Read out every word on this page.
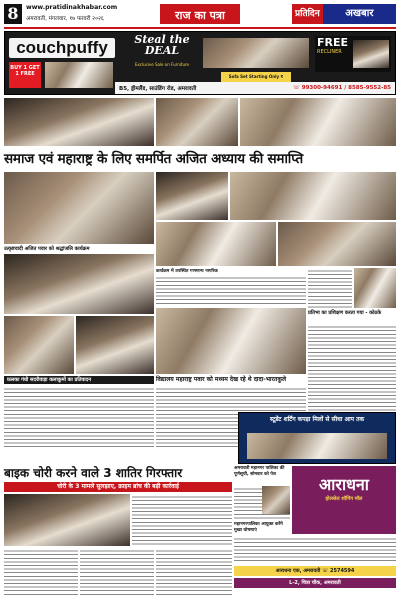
8	www.pratidinakhabar.com
अमरावती, मंगलवार, १७ फरवरी २०२६	राज का पत्रा	प्रतिदिन	अखबार
couchpuffy
BUY 1 GET 1 FREE
Steal the DEAL
Exclusive Sale on Furniture
Sofa Set Starting Only ₹
FREE
RECLINER
B5, ड्रीमलैंड, साउंडिंग रोड, अमरावती	☏ 99300-94691 / 8585-9552-85
समाज एवं महाराष्ट्र के लिए समर्पित अजित अध्याय की समाप्ति
उत्कृष्टवादी अजित पवार को श्रद्धांजलि कार्यक्रम
कार्यक्रम में उपस्थित गणमान्य नागरिक
फ़लका गंधी सदरीवाड़ा कलाकुमों का प्रतिवादन	विद्यालय महाराष्ट्र पवार को मध्यम देख रहे थे दादा-भारतकुले
प्रतिभा का प्रशिक्षण करता गया - कोठके
स्टूडेंट शर्टिंग कपड़ा मिलों से सीधा आप तक
बाइक चोरी करने वाले 3 शातिर गिरफ्तार
चोरी के 3 मामले सुलझाए, क्राइम ब्रांच की बड़ी कार्रवाई
अमरावती महानगर पालिका की पूर्णसूची, सोमवार को पेश
महानगरपालिका आयुक्त करेंगे मुख्य घोषणाएं
आराधना
होलसेल शॉपिंग मॉल
आराधना एक, अमरावती ☏ 2574594
L-2, चित्रा चौक, अमरावती
